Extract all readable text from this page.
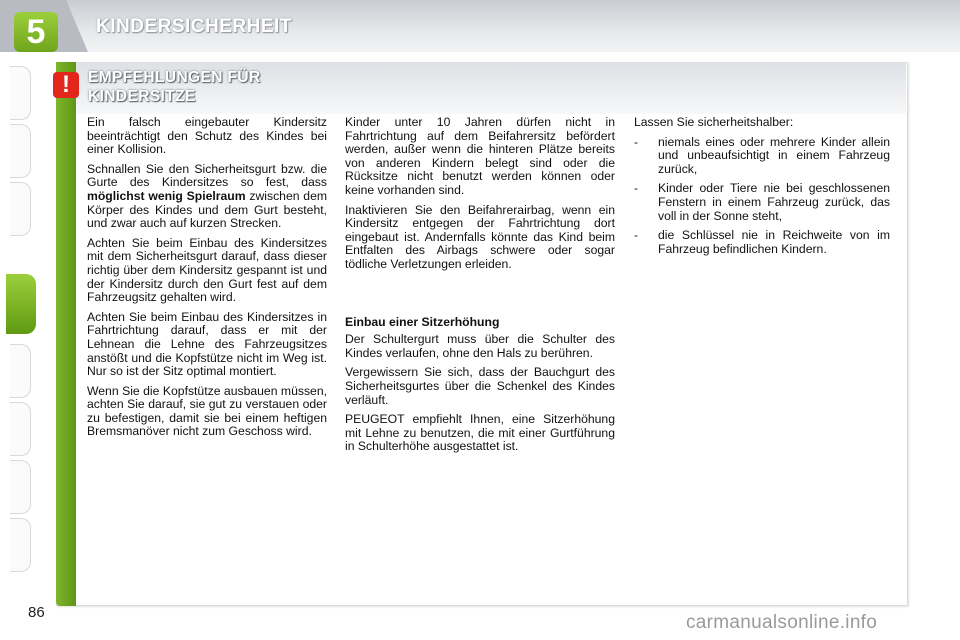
5	KINDERSICHERHEIT
86
!	EMPFEHLUNGEN FÜR
KINDERSITZE

Ein falsch eingebauter Kindersitz beeinträchtigt den Schutz des Kindes bei einer Kollision.

Schnallen Sie den Sicherheitsgurt bzw. die Gurte des Kindersitzes so fest, dass möglichst wenig Spielraum zwischen dem Körper des Kindes und dem Gurt besteht, und zwar auch auf kurzen Strecken.

Achten Sie beim Einbau des Kindersitzes mit dem Sicherheitsgurt darauf, dass dieser richtig über dem Kindersitz gespannt ist und der Kindersitz durch den Gurt fest auf dem Fahrzeugsitz gehalten wird.

Achten Sie beim Einbau des Kindersitzes in Fahrtrichtung darauf, dass er mit der Lehnean die Lehne des Fahrzeugsitzes anstößt und die Kopfstütze nicht im Weg ist. Nur so ist der Sitz optimal montiert.

Wenn Sie die Kopfstütze ausbauen müssen, achten Sie darauf, sie gut zu verstauen oder zu befestigen, damit sie bei einem heftigen Bremsmanöver nicht zum Geschoss wird.

Kinder unter 10 Jahren dürfen nicht in Fahrtrichtung auf dem Beifahrersitz befördert werden, außer wenn die hinteren Plätze bereits von anderen Kindern belegt sind oder die Rücksitze nicht benutzt werden können oder keine vorhanden sind.

Inaktivieren Sie den Beifahrerairbag, wenn ein Kindersitz entgegen der Fahrtrichtung dort eingebaut ist. Andernfalls könnte das Kind beim Entfalten des Airbags schwere oder sogar tödliche Verletzungen erleiden.

Einbau einer Sitzerhöhung

Der Schultergurt muss über die Schulter des Kindes verlaufen, ohne den Hals zu berühren.

Vergewissern Sie sich, dass der Bauchgurt des Sicherheitsgurtes über die Schenkel des Kindes verläuft.

PEUGEOT empfiehlt Ihnen, eine Sitzerhöhung mit Lehne zu benutzen, die mit einer Gurtführung in Schulterhöhe ausgestattet ist.

Lassen Sie sicherheitshalber:

-	niemals eines oder mehrere Kinder allein und unbeaufsichtigt in einem Fahrzeug zurück,
-	Kinder oder Tiere nie bei geschlossenen Fenstern in einem Fahrzeug zurück, das voll in der Sonne steht,
-	die Schlüssel nie in Reichweite von im Fahrzeug befindlichen Kindern.
carmanualsonline.info
